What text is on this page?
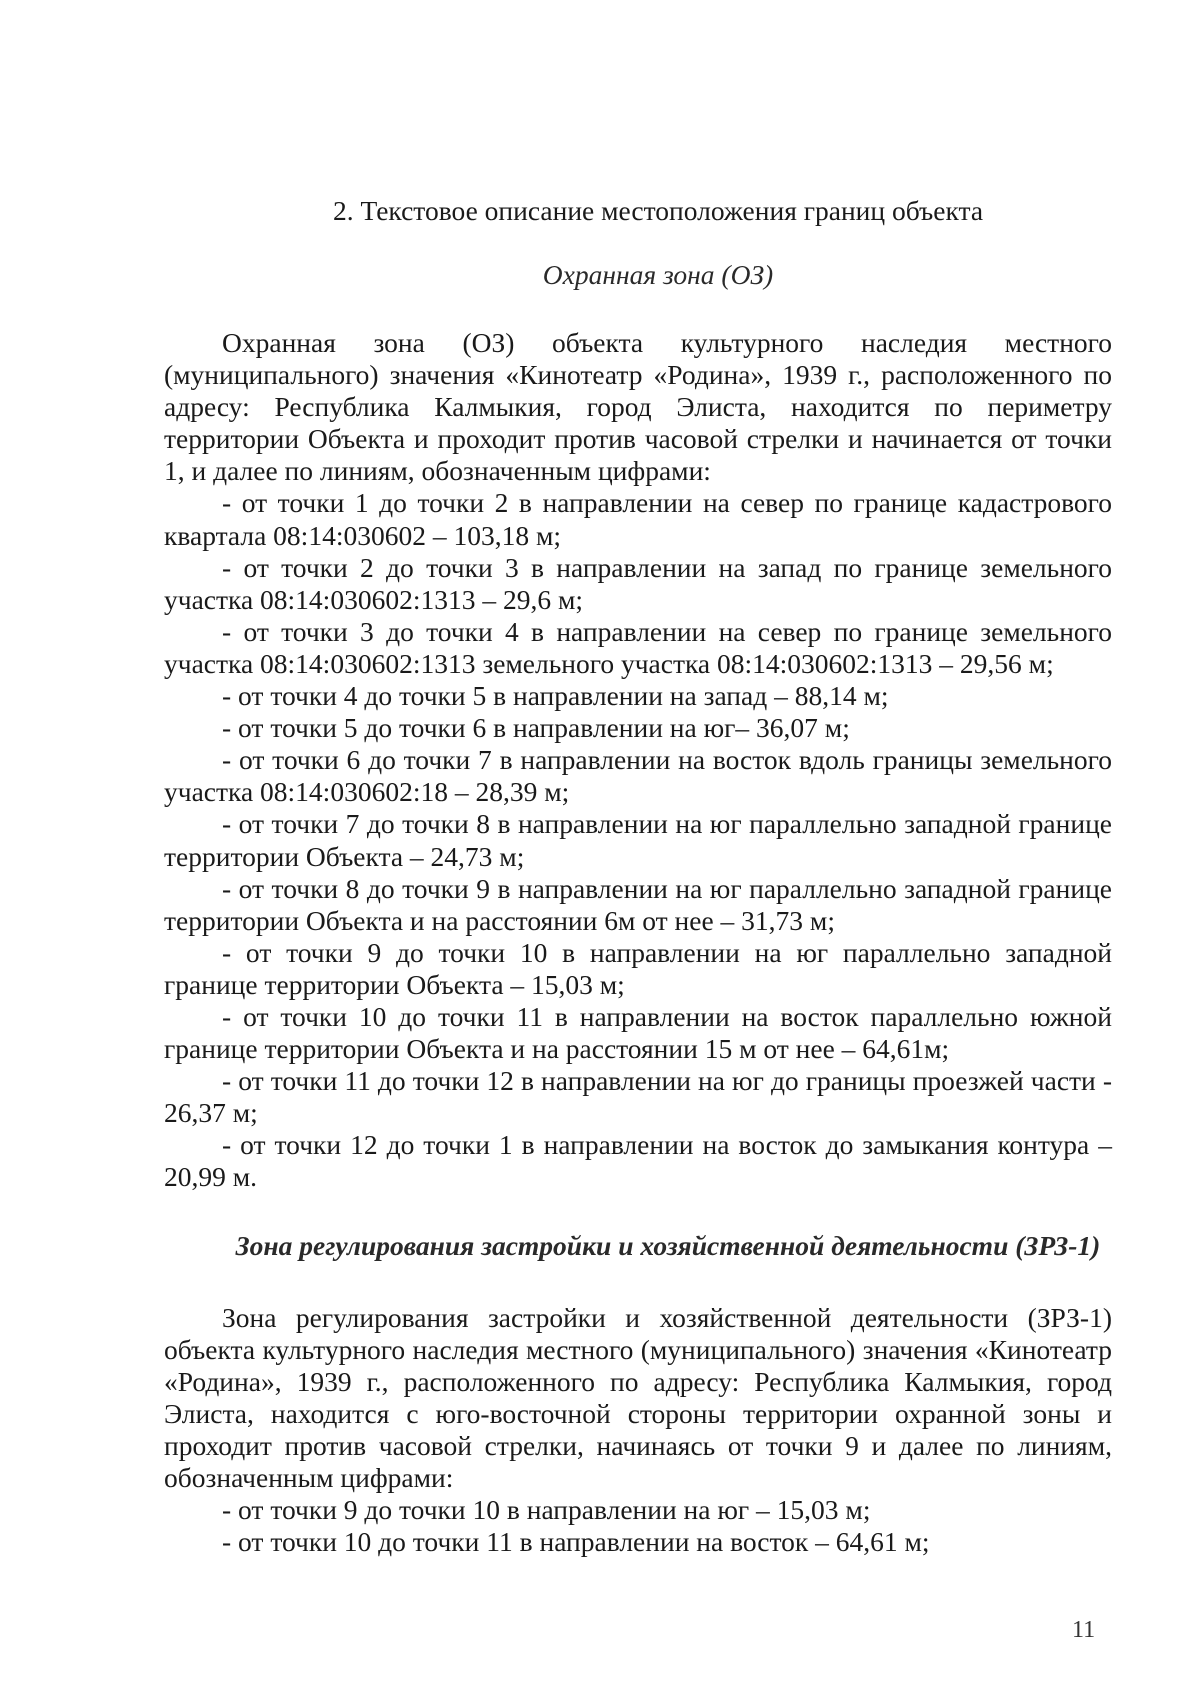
2. Текстовое описание местоположения границ объекта
Охранная зона (ОЗ)

Охранная зона (ОЗ) объекта культурного наследия местного (муниципального) значения «Кинотеатр «Родина», 1939 г., расположенного по адресу: Республика Калмыкия, город Элиста, находится по периметру территории Объекта и проходит против часовой стрелки и начинается от точки 1, и далее по линиям, обозначенным цифрами:

- от точки 1 до точки 2 в направлении на север по границе кадастрового квартала 08:14:030602 – 103,18 м;

- от точки 2 до точки 3 в направлении на запад по границе земельного участка 08:14:030602:1313 – 29,6 м;

- от точки 3 до точки 4 в направлении на север по границе земельного участка 08:14:030602:1313 земельного участка 08:14:030602:1313 – 29,56 м;

- от точки 4 до точки 5 в направлении на запад – 88,14 м;

- от точки 5 до точки 6 в направлении на юг– 36,07 м;

- от точки 6 до точки 7 в направлении на восток вдоль границы земельного участка 08:14:030602:18 – 28,39 м;

- от точки 7 до точки 8 в направлении на юг параллельно западной границе территории Объекта – 24,73 м;

- от точки 8 до точки 9 в направлении на юг параллельно западной границе территории Объекта и на расстоянии 6м от нее – 31,73 м;

- от точки 9 до точки 10 в направлении на юг параллельно западной границе территории Объекта – 15,03 м;

- от точки 10 до точки 11 в направлении на восток параллельно южной границе территории Объекта и на расстоянии 15 м от нее – 64,61м;

- от точки 11 до точки 12 в направлении на юг до границы проезжей части - 26,37 м;

- от точки 12 до точки 1 в направлении на восток до замыкания контура – 20,99 м.

Зона регулирования застройки и хозяйственной деятельности (ЗРЗ-1)

Зона регулирования застройки и хозяйственной деятельности (ЗРЗ-1) объекта культурного наследия местного (муниципального) значения «Кинотеатр «Родина», 1939 г., расположенного по адресу: Республика Калмыкия, город Элиста, находится с юго-восточной стороны территории охранной зоны и проходит против часовой стрелки, начинаясь от точки 9 и далее по линиям, обозначенным цифрами:

- от точки 9 до точки 10 в направлении на юг – 15,03 м;

- от точки 10 до точки 11 в направлении на восток – 64,61 м;

11
